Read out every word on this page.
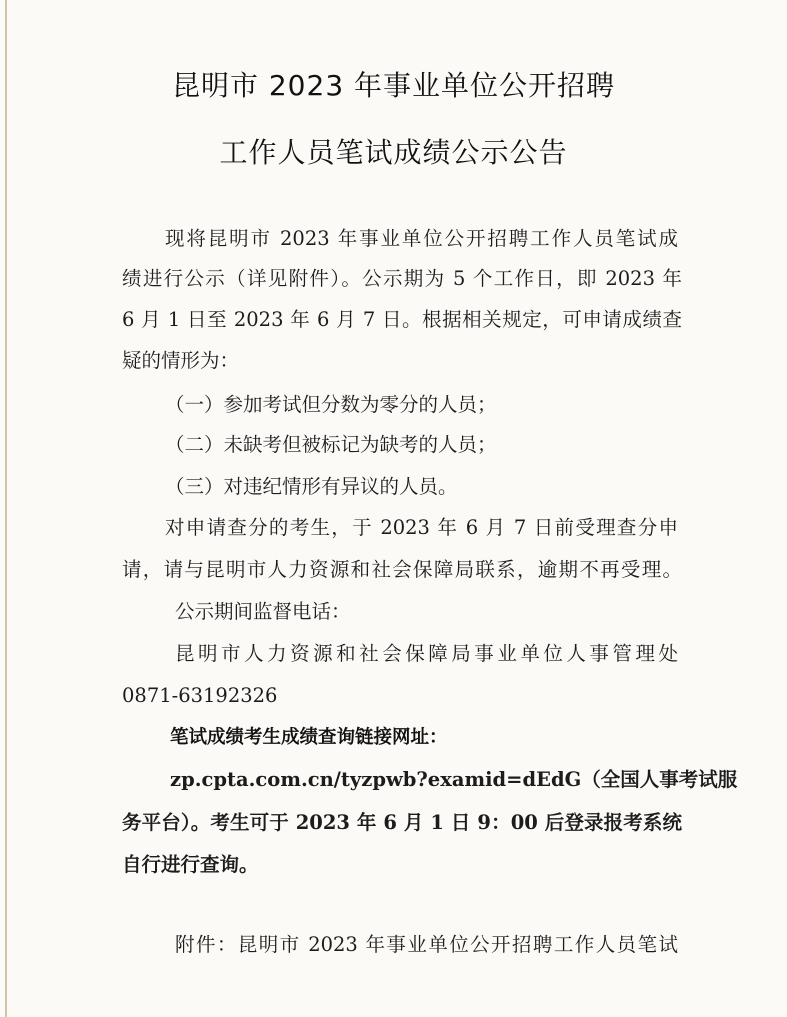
昆明市 2023 年事业单位公开招聘
工作人员笔试成绩公示公告
现将昆明市 2023 年事业单位公开招聘工作人员笔试成
绩进行公示（详见附件）。公示期为 5 个工作日，即 2023 年
6 月 1 日至 2023 年 6 月 7 日。根据相关规定，可申请成绩查
疑的情形为：
（一）参加考试但分数为零分的人员；
（二）未缺考但被标记为缺考的人员；
（三）对违纪情形有异议的人员。
对申请查分的考生，于 2023 年 6 月 7 日前受理查分申
请，请与昆明市人力资源和社会保障局联系，逾期不再受理。
公示期间监督电话：
昆明市人力资源和社会保障局事业单位人事管理处
0871-63192326
笔试成绩考生成绩查询链接网址：
zp.cpta.com.cn/tyzpwb?examid=dEdG（全国人事考试服
务平台）。考生可于 2023 年 6 月 1 日 9：00 后登录报考系统
自行进行查询。
附件：昆明市 2023 年事业单位公开招聘工作人员笔试
